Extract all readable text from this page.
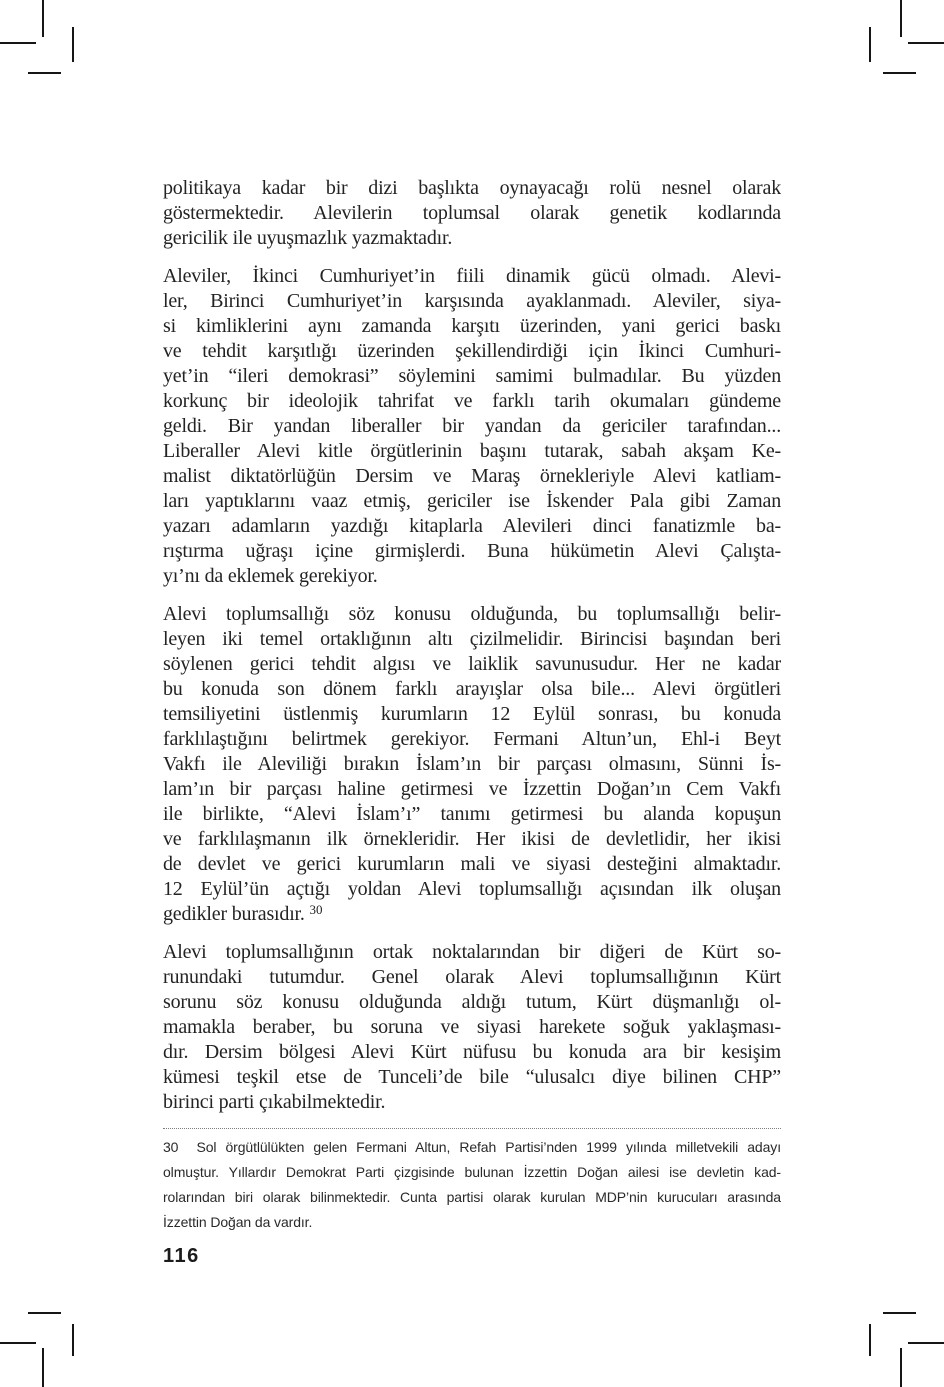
politikaya kadar bir dizi başlıkta oynayacağı rolü nesnel olarak
göstermektedir. Alevilerin toplumsal olarak genetik kodlarında
gericilik ile uyuşmazlık yazmaktadır.
Aleviler, İkinci Cumhuriyet’in fiili dinamik gücü olmadı. Alevi-
ler, Birinci Cumhuriyet’in karşısında ayaklanmadı. Aleviler, siya-
si kimliklerini aynı zamanda karşıtı üzerinden, yani gerici baskı
ve tehdit karşıtlığı üzerinden şekillendirdiği için İkinci Cumhuri-
yet’in “ileri demokrasi” söylemini samimi bulmadılar. Bu yüzden
korkunç bir ideolojik tahrifat ve farklı tarih okumaları gündeme
geldi. Bir yandan liberaller bir yandan da gericiler tarafından...
Liberaller Alevi kitle örgütlerinin başını tutarak, sabah akşam Ke-
malist diktatörlüğün Dersim ve Maraş örnekleriyle Alevi katliam-
ları yaptıklarını vaaz etmiş, gericiler ise İskender Pala gibi Zaman
yazarı adamların yazdığı kitaplarla Alevileri dinci fanatizmle ba-
rıştırma uğraşı içine girmişlerdi. Buna hükümetin Alevi Çalışta-
yı’nı da eklemek gerekiyor.
Alevi toplumsallığı söz konusu olduğunda, bu toplumsallığı belir-
leyen iki temel ortaklığının altı çizilmelidir. Birincisi başından beri
söylenen gerici tehdit algısı ve laiklik savunusudur. Her ne kadar
bu konuda son dönem farklı arayışlar olsa bile... Alevi örgütleri
temsiliyetini üstlenmiş kurumların 12 Eylül sonrası, bu konuda
farklılaştığını belirtmek gerekiyor. Fermani Altun’un, Ehl-i Beyt
Vakfı ile Aleviliği bırakın İslam’ın bir parçası olmasını, Sünni İs-
lam’ın bir parçası haline getirmesi ve İzzettin Doğan’ın Cem Vakfı
ile birlikte, “Alevi İslam’ı” tanımı getirmesi bu alanda kopuşun
ve farklılaşmanın ilk örnekleridir. Her ikisi de devletlidir, her ikisi
de devlet ve gerici kurumların mali ve siyasi desteğini almaktadır.
12 Eylül’ün açtığı yoldan Alevi toplumsallığı açısından ilk oluşan
gedikler burasıdır. $^{30}$
Alevi toplumsallığının ortak noktalarından bir diğeri de Kürt so-
runundaki tutumdur. Genel olarak Alevi toplumsallığının Kürt
sorunu söz konusu olduğunda aldığı tutum, Kürt düşmanlığı ol-
mamakla beraber, bu soruna ve siyasi harekete soğuk yaklaşması-
dır. Dersim bölgesi Alevi Kürt nüfusu bu konuda ara bir kesişim
kümesi teşkil etse de Tunceli’de bile “ulusalcı diye bilinen CHP”
birinci parti çıkabilmektedir.
30  Sol örgütlülükten gelen Fermani Altun, Refah Partisi’nden 1999 yılında milletvekili adayı
olmuştur. Yıllardır Demokrat Parti çizgisinde bulunan İzzettin Doğan ailesi ise devletin kad-
rolarından biri olarak bilinmektedir. Cunta partisi olarak kurulan MDP’nin kurucuları arasında
İzzettin Doğan da vardır.
116
